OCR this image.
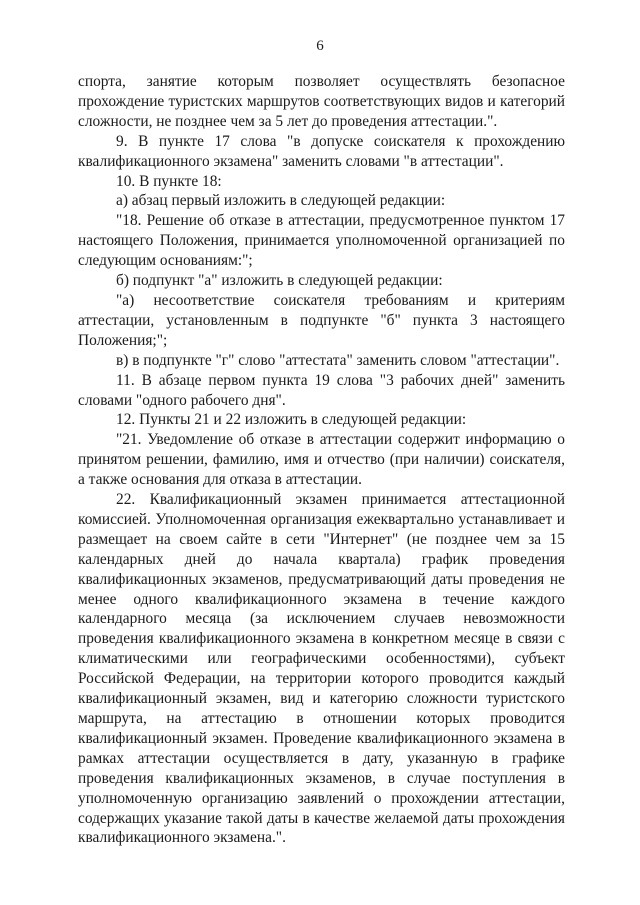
6

спорта, занятие которым позволяет осуществлять безопасное прохождение туристских маршрутов соответствующих видов и категорий сложности, не позднее чем за 5 лет до проведения аттестации.".

9. В пункте 17 слова "в допуске соискателя к прохождению квалификационного экзамена" заменить словами "в аттестации".

10. В пункте 18:

а) абзац первый изложить в следующей редакции:

"18. Решение об отказе в аттестации, предусмотренное пунктом 17 настоящего Положения, принимается уполномоченной организацией по следующим основаниям:";

б) подпункт "а" изложить в следующей редакции:

"а) несоответствие соискателя требованиям и критериям аттестации, установленным в подпункте "б" пункта 3 настоящего Положения;";

в) в подпункте "г" слово "аттестата" заменить словом "аттестации".

11. В абзаце первом пункта 19 слова "3 рабочих дней" заменить словами "одного рабочего дня".

12. Пункты 21 и 22 изложить в следующей редакции:

"21. Уведомление об отказе в аттестации содержит информацию о принятом решении, фамилию, имя и отчество (при наличии) соискателя, а также основания для отказа в аттестации.

22. Квалификационный экзамен принимается аттестационной комиссией. Уполномоченная организация ежеквартально устанавливает и размещает на своем сайте в сети "Интернет" (не позднее чем за 15 календарных дней до начала квартала) график проведения квалификационных экзаменов, предусматривающий даты проведения не менее одного квалификационного экзамена в течение каждого календарного месяца (за исключением случаев невозможности проведения квалификационного экзамена в конкретном месяце в связи с климатическими или географическими особенностями), субъект Российской Федерации, на территории которого проводится каждый квалификационный экзамен, вид и категорию сложности туристского маршрута, на аттестацию в отношении которых проводится квалификационный экзамен. Проведение квалификационного экзамена в рамках аттестации осуществляется в дату, указанную в графике проведения квалификационных экзаменов, в случае поступления в уполномоченную организацию заявлений о прохождении аттестации, содержащих указание такой даты в качестве желаемой даты прохождения квалификационного экзамена.".
